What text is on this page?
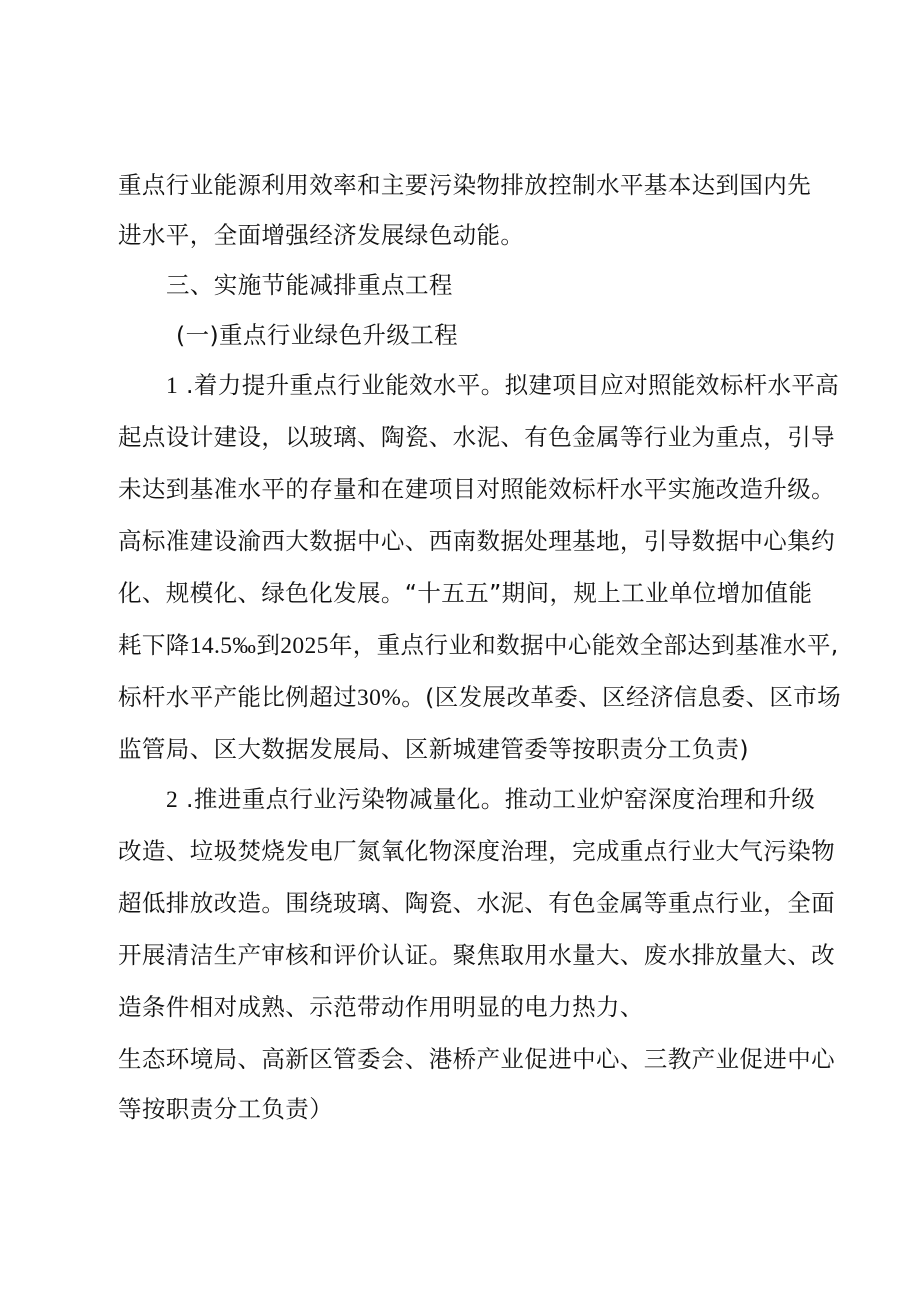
重点行业能源利用效率和主要污染物排放控制水平基本达到国内先
进水平，全面增强经济发展绿色动能。
三、实施节能减排重点工程
(一)重点行业绿色升级工程
1 .着力提升重点行业能效水平。拟建项目应对照能效标杆水平高
起点设计建设，以玻璃、陶瓷、水泥、有色金属等行业为重点，引导
未达到基准水平的存量和在建项目对照能效标杆水平实施改造升级。
高标准建设渝西大数据中心、西南数据处理基地，引导数据中心集约
化、规模化、绿色化发展。“十五五”期间，规上工业单位增加值能
耗下降14.5‰到2025年，重点行业和数据中心能效全部达到基准水平,
标杆水平产能比例超过30%。(区发展改革委、区经济信息委、区市场
监管局、区大数据发展局、区新城建管委等按职责分工负责)
2 .推进重点行业污染物减量化。推动工业炉窑深度治理和升级
改造、垃圾焚烧发电厂氮氧化物深度治理，完成重点行业大气污染物
超低排放改造。围绕玻璃、陶瓷、水泥、有色金属等重点行业，全面
开展清洁生产审核和评价认证。聚焦取用水量大、废水排放量大、改
造条件相对成熟、示范带动作用明显的电力热力、
生态环境局、高新区管委会、港桥产业促进中心、三教产业促进中心
等按职责分工负责）
